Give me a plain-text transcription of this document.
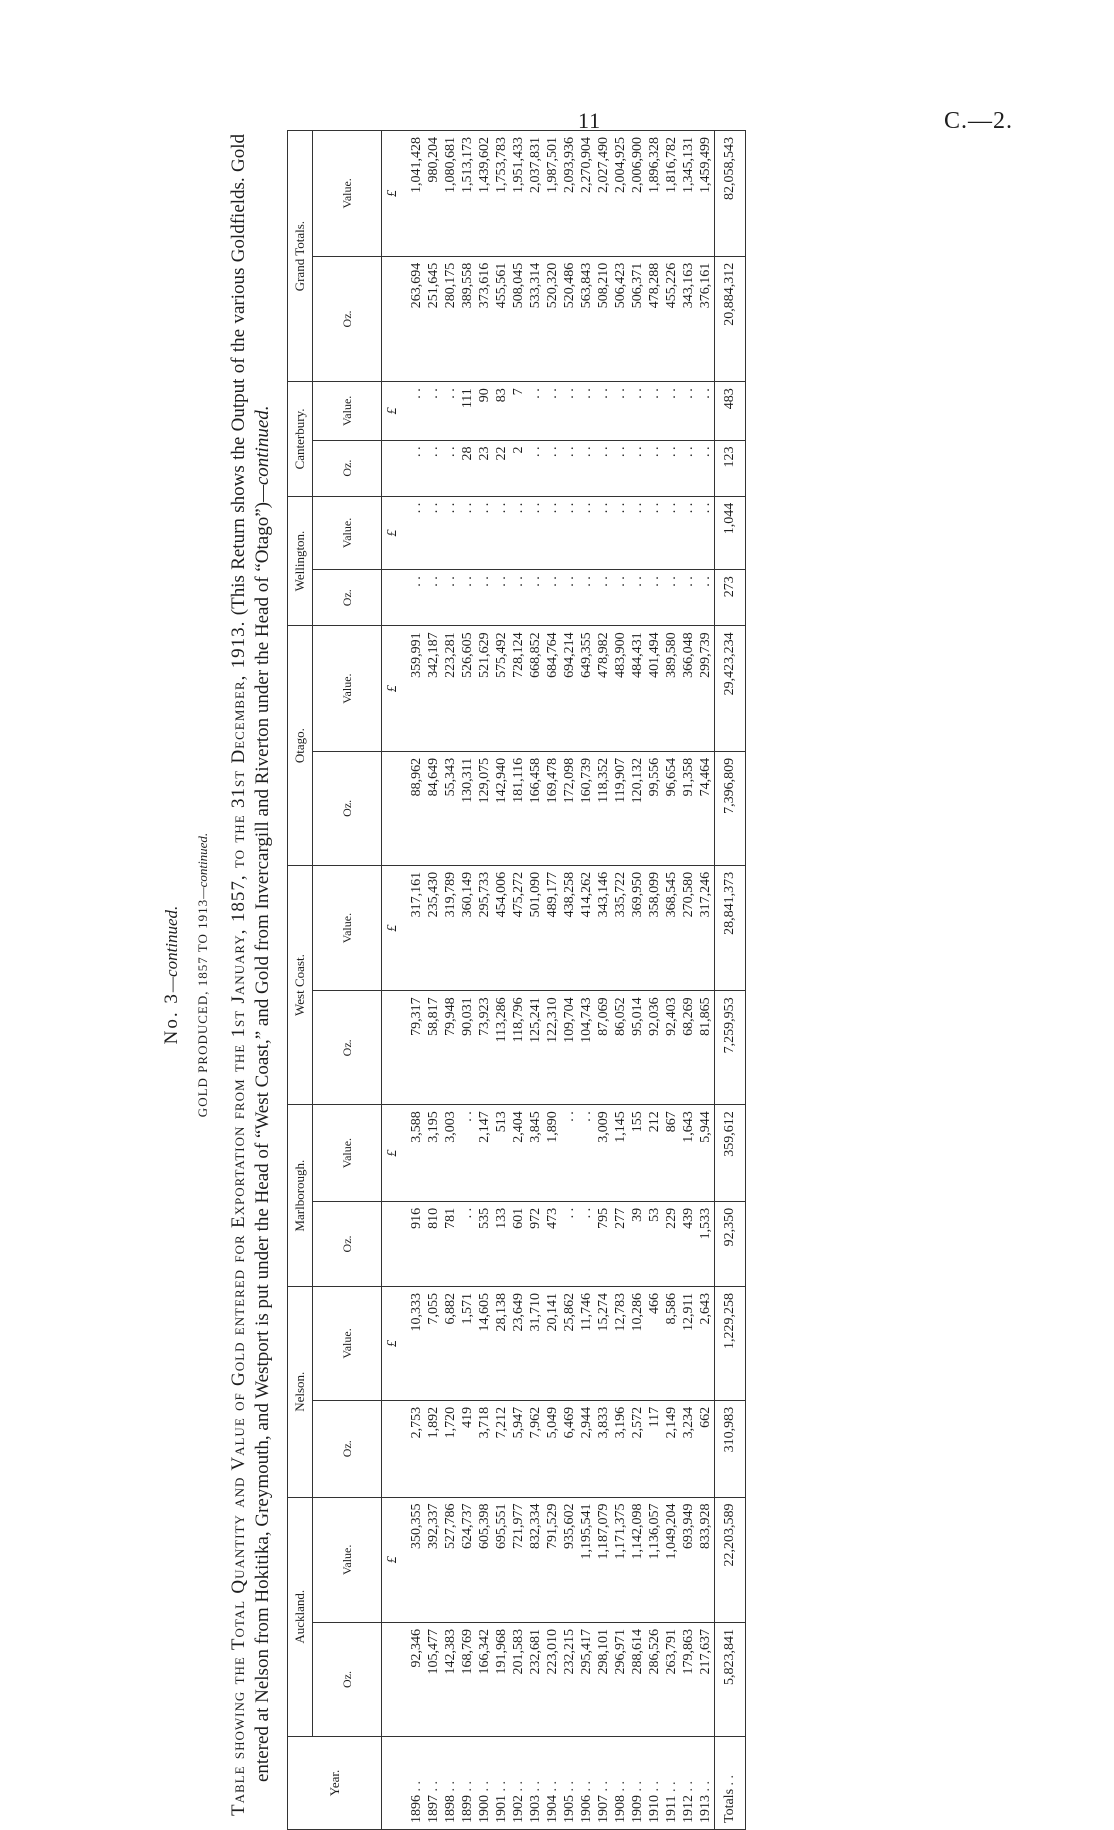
11	C.—2.
No. 3—continued. GOLD PRODUCED, 1857 TO 1913—continued. Table showing the Total Quantity and Value of Gold entered for Exportation from the 1st January, 1857, to the 31st December, 1913. (This Return shows the Output of the various Goldfields. Gold entered at Nelson from Hokitika, Greymouth, and Westport is put under the Head of “West Coast,” and Gold from Invercargill and Riverton under the Head of “Otago”)—continued.
Year.	Auckland.		Nelson.		Marlborough.		West Coast.		Otago.		Wellington.		Canterbury.		Grand Totals.	
	Oz.	Value.	Oz.	Value.	Oz.	Value.	Oz.	Value.	Oz.	Value.	Oz.	Value.	Oz.	Value.	Oz.	Value.
		£		£		£		£		£		£		£		£
1896 . .	92,346	350,355	2,753	10,333	916	3,588	79,317	317,161	88,962	359,991	. .	. .	. .	. .	263,694	1,041,428
1897 . .	105,477	392,337	1,892	7,055	810	3,195	58,817	235,430	84,649	342,187	. .	. .	. .	. .	251,645	980,204
1898 . .	142,383	527,786	1,720	6,882	781	3,003	79,948	319,789	55,343	223,281	. .	. .	. .	. .	280,175	1,080,681
1899 . .	168,769	624,737	419	1,571	. .	. .	90,031	360,149	130,311	526,605	. .	. .	28	111	389,558	1,513,173
1900 . .	166,342	605,398	3,718	14,605	535	2,147	73,923	295,733	129,075	521,629	. .	. .	23	90	373,616	1,439,602
1901 . .	191,968	695,551	7,212	28,138	133	513	113,286	454,006	142,940	575,492	. .	. .	22	83	455,561	1,753,783
1902 . .	201,583	721,977	5,947	23,649	601	2,404	118,796	475,272	181,116	728,124	. .	. .	2	7	508,045	1,951,433
1903 . .	232,681	832,334	7,962	31,710	972	3,845	125,241	501,090	166,458	668,852	. .	. .	. .	. .	533,314	2,037,831
1904 . .	223,010	791,529	5,049	20,141	473	1,890	122,310	489,177	169,478	684,764	. .	. .	. .	. .	520,320	1,987,501
1905 . .	232,215	935,602	6,469	25,862	. .	. .	109,704	438,258	172,098	694,214	. .	. .	. .	. .	520,486	2,093,936
1906 . .	295,417	1,195,541	2,944	11,746	. .	. .	104,743	414,262	160,739	649,355	. .	. .	. .	. .	563,843	2,270,904
1907 . .	298,101	1,187,079	3,833	15,274	795	3,009	87,069	343,146	118,352	478,982	. .	. .	. .	. .	508,210	2,027,490
1908 . .	296,971	1,171,375	3,196	12,783	277	1,145	86,052	335,722	119,907	483,900	. .	. .	. .	. .	506,423	2,004,925
1909 . .	288,614	1,142,098	2,572	10,286	39	155	95,014	369,950	120,132	484,431	. .	. .	. .	. .	506,371	2,006,900
1910 . .	286,526	1,136,057	117	466	53	212	92,036	358,099	99,556	401,494	. .	. .	. .	. .	478,288	1,896,328
1911 . .	263,791	1,049,204	2,149	8,586	229	867	92,403	368,545	96,654	389,580	. .	. .	. .	. .	455,226	1,816,782
1912 . .	179,863	693,949	3,234	12,911	439	1,643	68,269	270,580	91,358	366,048	. .	. .	. .	. .	343,163	1,345,131
1913 . .	217,637	833,928	662	2,643	1,533	5,944	81,865	317,246	74,464	299,739	. .	. .	. .	. .	376,161	1,459,499
Totals . .	5,823,841	22,203,589	310,983	1,229,258	92,350	359,612	7,259,953	28,841,373	7,396,809	29,423,234	273	1,044	123	483	20,884,312	82,058,543
